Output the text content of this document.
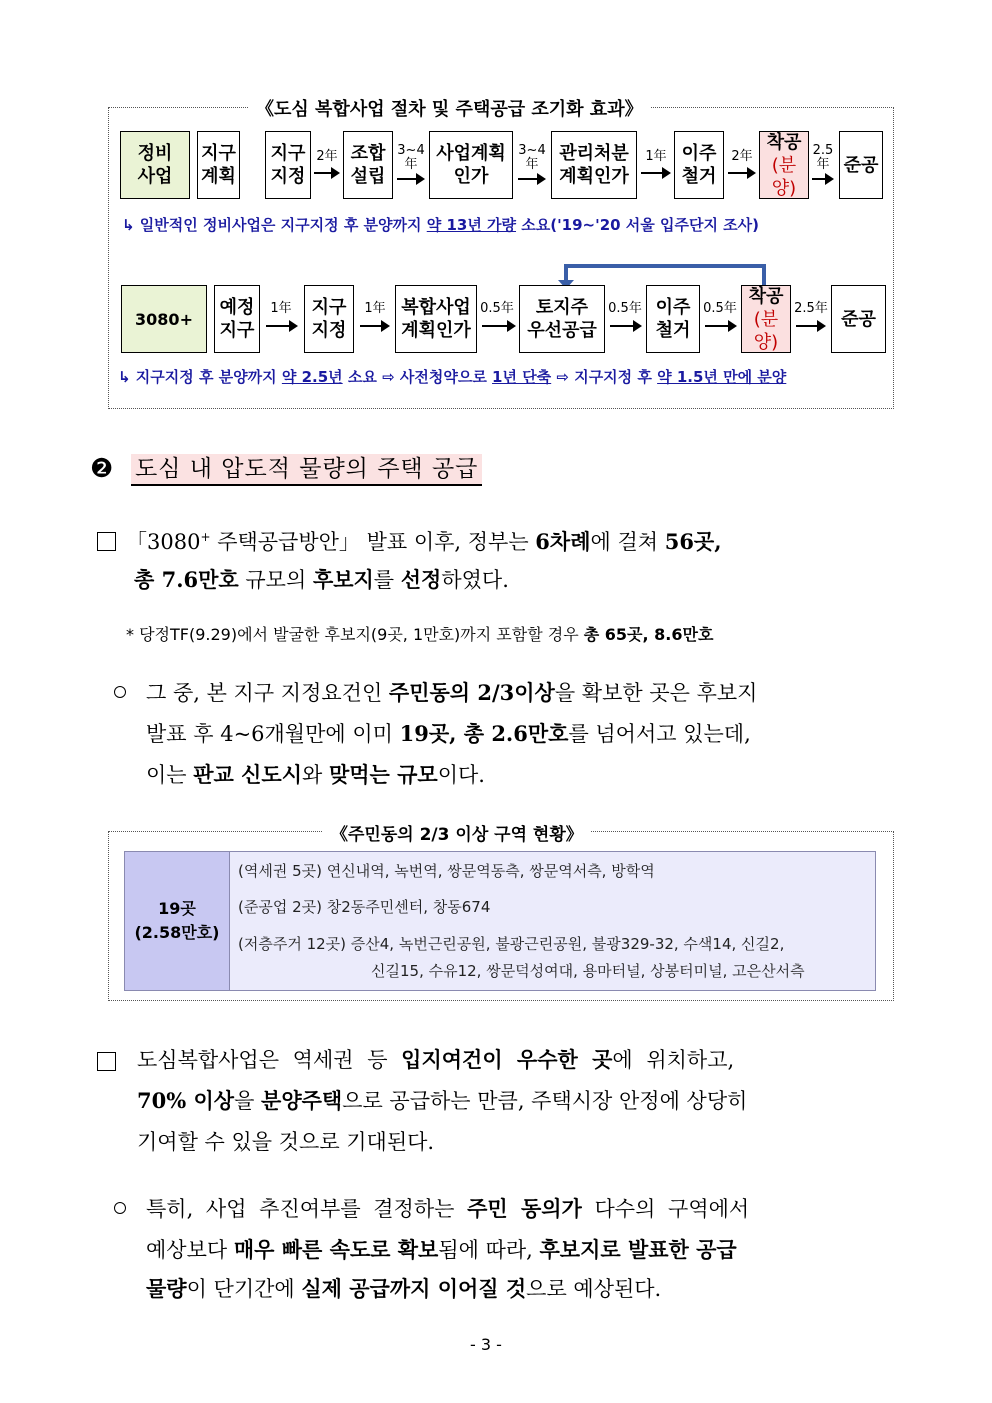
《도심 복합사업 절차 및 주택공급 조기화 효과》
정비
사업
지구
계획
지구
지정
2年 조합
설립
3~4
年
사업계획
인가
3~4
年
관리처분
계획인가
1年 이주
철거
2年
착공
(분양)
2.5
年 준공
↳ 일반적인 정비사업은 지구지정 후 분양까지 약 13년 가량 소요('19~'20 서울 입주단지 조사)
3080+
예정
지구
1年	지구
지정
1年 복합사업
계획인가
0.5年	토지주
우선공급
0.5年 이주
철거
0.5年
착공
(분양)
2.5年 준공
↳ 지구지정 후 분양까지 약 2.5년 소요 ⇨ 사전청약으로 1년 단축 ⇨ 지구지정 후 약 1.5년 만에 분양
❷ 도심 내 압도적 물량의 주택 공급
「3080+ 주택공급방안」 발표 이후, 정부는 6차례에 걸쳐 56곳,
총 7.6만호 규모의 후보지를 선정하였다.
* 당정TF(9.29)에서 발굴한 후보지(9곳, 1만호)까지 포함할 경우 총 65곳, 8.6만호
그 중, 본 지구 지정요건인 주민동의 2/3이상을 확보한 곳은 후보지
발표 후 4~6개월만에 이미 19곳, 총 2.6만호를 넘어서고 있는데,
이는 판교 신도시와 맞먹는 규모이다.
《주민동의 2/3 이상 구역 현황》
19곳
(2.58만호)
(역세권 5곳) 연신내역, 녹번역, 쌍문역동측, 쌍문역서측, 방학역
(준공업 2곳) 창2동주민센터, 창동674
(저층주거 12곳) 증산4, 녹번근린공원, 불광근린공원, 불광329-32, 수색14, 신길2,
신길15, 수유12, 쌍문덕성여대, 용마터널, 상봉터미널, 고은산서측
도심복합사업은 역세권 등 입지여건이 우수한 곳에 위치하고,
70% 이상을 분양주택으로 공급하는 만큼, 주택시장 안정에 상당히
기여할 수 있을 것으로 기대된다.
특히, 사업 추진여부를 결정하는 주민 동의가 다수의 구역에서
예상보다 매우 빠른 속도로 확보됨에 따라, 후보지로 발표한 공급
물량이 단기간에 실제 공급까지 이어질 것으로 예상된다.
- 3 -
